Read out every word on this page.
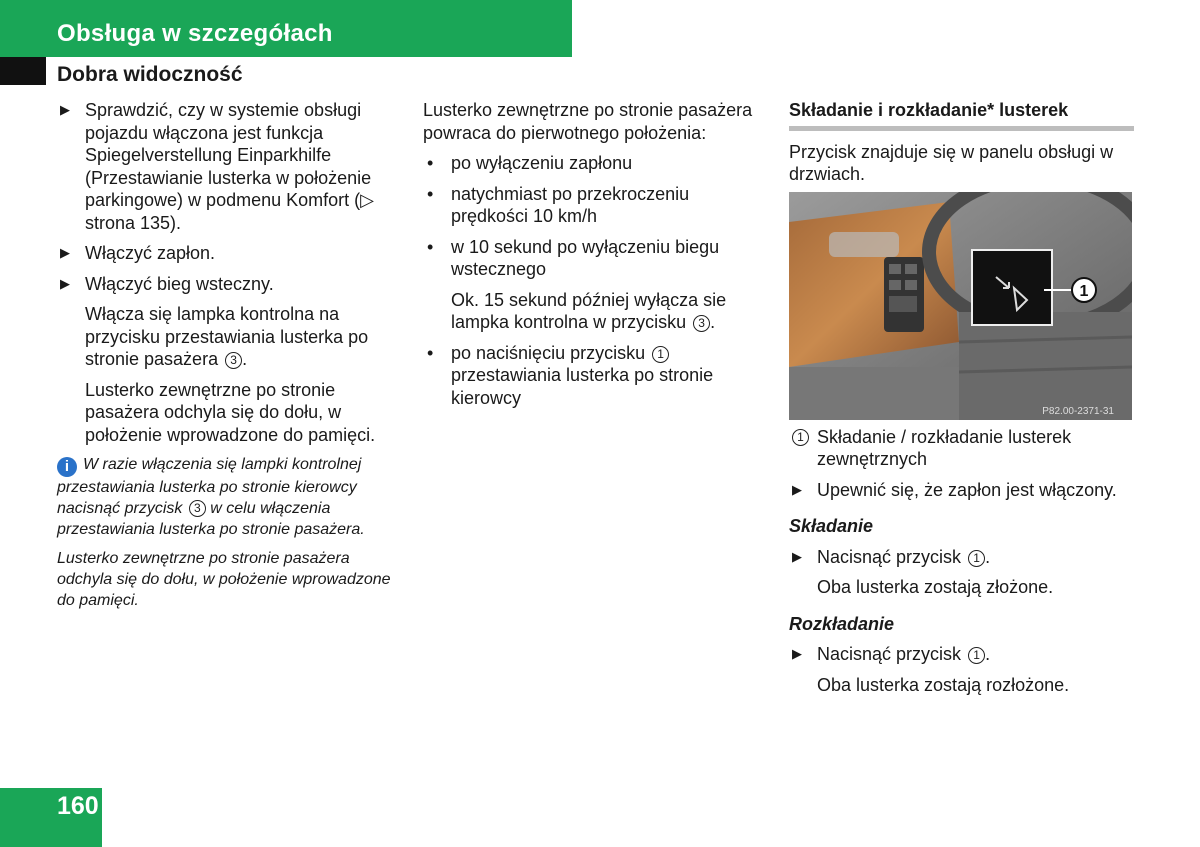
Obsługa w szczegółach
Dobra widoczność
▶ Sprawdzić, czy w systemie obsługi pojazdu włączona jest funkcja Spiegelverstellung Einparkhilfe (Przestawianie lusterka w położenie parkingowe) w podmenu Komfort (▷ strona 135).
▶ Włączyć zapłon.
▶ Włączyć bieg wsteczny.
Włącza się lampka kontrolna na przycisku przestawiania lusterka po stronie pasażera 3 .
Lusterko zewnętrzne po stronie pasażera odchyla się do dołu, w położenie wprowadzone do pamięci.
i W razie włączenia się lampki kontrolnej przestawiania lusterka po stronie kierowcy nacisnąć przycisk 3 w celu włączenia przestawiania lusterka po stronie pasażera.
Lusterko zewnętrzne po stronie pasażera odchyla się do dołu, w położenie wprowadzone do pamięci.
Lusterko zewnętrzne po stronie pasażera powraca do pierwotnego położenia:
• po wyłączeniu zapłonu
• natychmiast po przekroczeniu prędkości 10 km/h
• w 10 sekund po wyłączeniu biegu wstecznego
Ok. 15 sekund później wyłącza sie lampka kontrolna w przycisku 3 .
• po naciśnięciu przycisku 1 przestawiania lusterka po stronie kierowcy
Składanie i rozkładanie* lusterek
Przycisk znajduje się w panelu obsługi w drzwiach.
1
P82.00-2371-31
1 Składanie / rozkładanie lusterek zewnętrznych
▶ Upewnić się, że zapłon jest włączony.
Składanie
▶ Nacisnąć przycisk 1 .
Oba lusterka zostają złożone.
Rozkładanie
▶ Nacisnąć przycisk 1 .
Oba lusterka zostają rozłożone.
160
